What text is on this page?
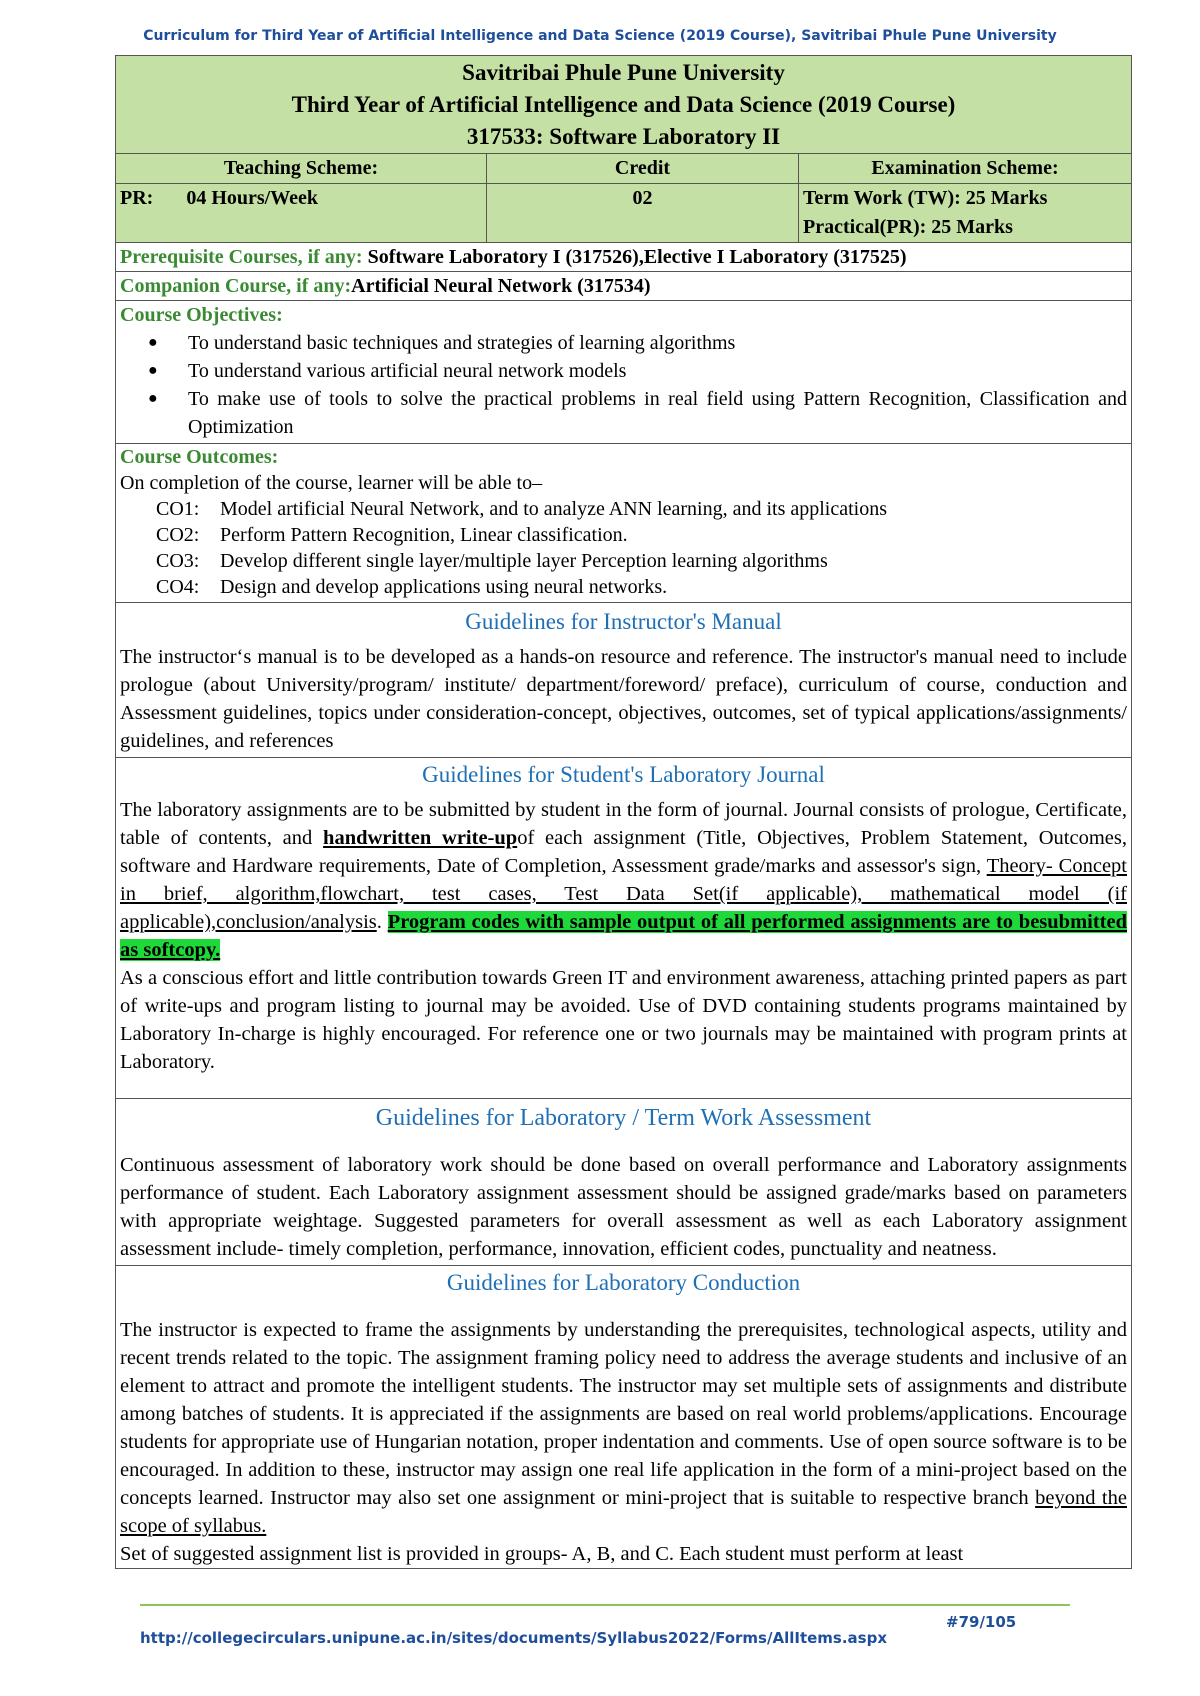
Curriculum for Third Year of Artificial Intelligence and Data Science (2019 Course), Savitribai Phule Pune University
Savitribai Phule Pune University
Third Year of Artificial Intelligence and Data Science (2019 Course)
317533: Software Laboratory II
Teaching Scheme:	Credit	Examination Scheme:
PR: 04 Hours/Week	02	Term Work (TW): 25 Marks
Practical(PR): 25 Marks
Prerequisite Courses, if any: Software Laboratory I (317526),Elective I Laboratory (317525)
Companion Course, if any:Artificial Neural Network (317534)
Course Objectives:
●	To understand basic techniques and strategies of learning algorithms
●	To understand various artificial neural network models
●	To make use of tools to solve the practical problems in real field using Pattern Recognition, Classification and Optimization
Course Outcomes:
On completion of the course, learner will be able to–
CO1:	Model artificial Neural Network, and to analyze ANN learning, and its applications
CO2:	Perform Pattern Recognition, Linear classification.
CO3:	Develop different single layer/multiple layer Perception learning algorithms
CO4:	Design and develop applications using neural networks.
Guidelines for Instructor's Manual
The instructor‘s manual is to be developed as a hands-on resource and reference. The instructor's manual need to include prologue (about University/program/ institute/ department/foreword/ preface), curriculum of course, conduction and Assessment guidelines, topics under consideration-concept, objectives, outcomes, set of typical applications/assignments/ guidelines, and references
Guidelines for Student's Laboratory Journal
The laboratory assignments are to be submitted by student in the form of journal. Journal consists of prologue, Certificate, table of contents, and handwritten write-upof each assignment (Title, Objectives, Problem Statement, Outcomes, software and Hardware requirements, Date of Completion, Assessment grade/marks and assessor's sign, Theory- Concept in brief, algorithm,flowchart, test cases, Test Data Set(if applicable), mathematical model (if applicable),conclusion/analysis. Program codes with sample output of all performed assignments are to besubmitted as softcopy.
As a conscious effort and little contribution towards Green IT and environment awareness, attaching printed papers as part of write-ups and program listing to journal may be avoided. Use of DVD containing students programs maintained by Laboratory In-charge is highly encouraged. For reference one or two journals may be maintained with program prints at Laboratory.
Guidelines for Laboratory / Term Work Assessment
Continuous assessment of laboratory work should be done based on overall performance and Laboratory assignments performance of student. Each Laboratory assignment assessment should be assigned grade/marks based on parameters with appropriate weightage. Suggested parameters for overall assessment as well as each Laboratory assignment assessment include- timely completion, performance, innovation, efficient codes, punctuality and neatness.
Guidelines for Laboratory Conduction
The instructor is expected to frame the assignments by understanding the prerequisites, technological aspects, utility and recent trends related to the topic. The assignment framing policy need to address the average students and inclusive of an element to attract and promote the intelligent students. The instructor may set multiple sets of assignments and distribute among batches of students. It is appreciated if the assignments are based on real world problems/applications. Encourage students for appropriate use of Hungarian notation, proper indentation and comments. Use of open source software is to be encouraged. In addition to these, instructor may assign one real life application in the form of a mini-project based on the concepts learned. Instructor may also set one assignment or mini-project that is suitable to respective branch beyond the scope of syllabus.
Set of suggested assignment list is provided in groups- A, B, and C. Each student must perform at least
#79/105
http://collegecirculars.unipune.ac.in/sites/documents/Syllabus2022/Forms/AllItems.aspx
